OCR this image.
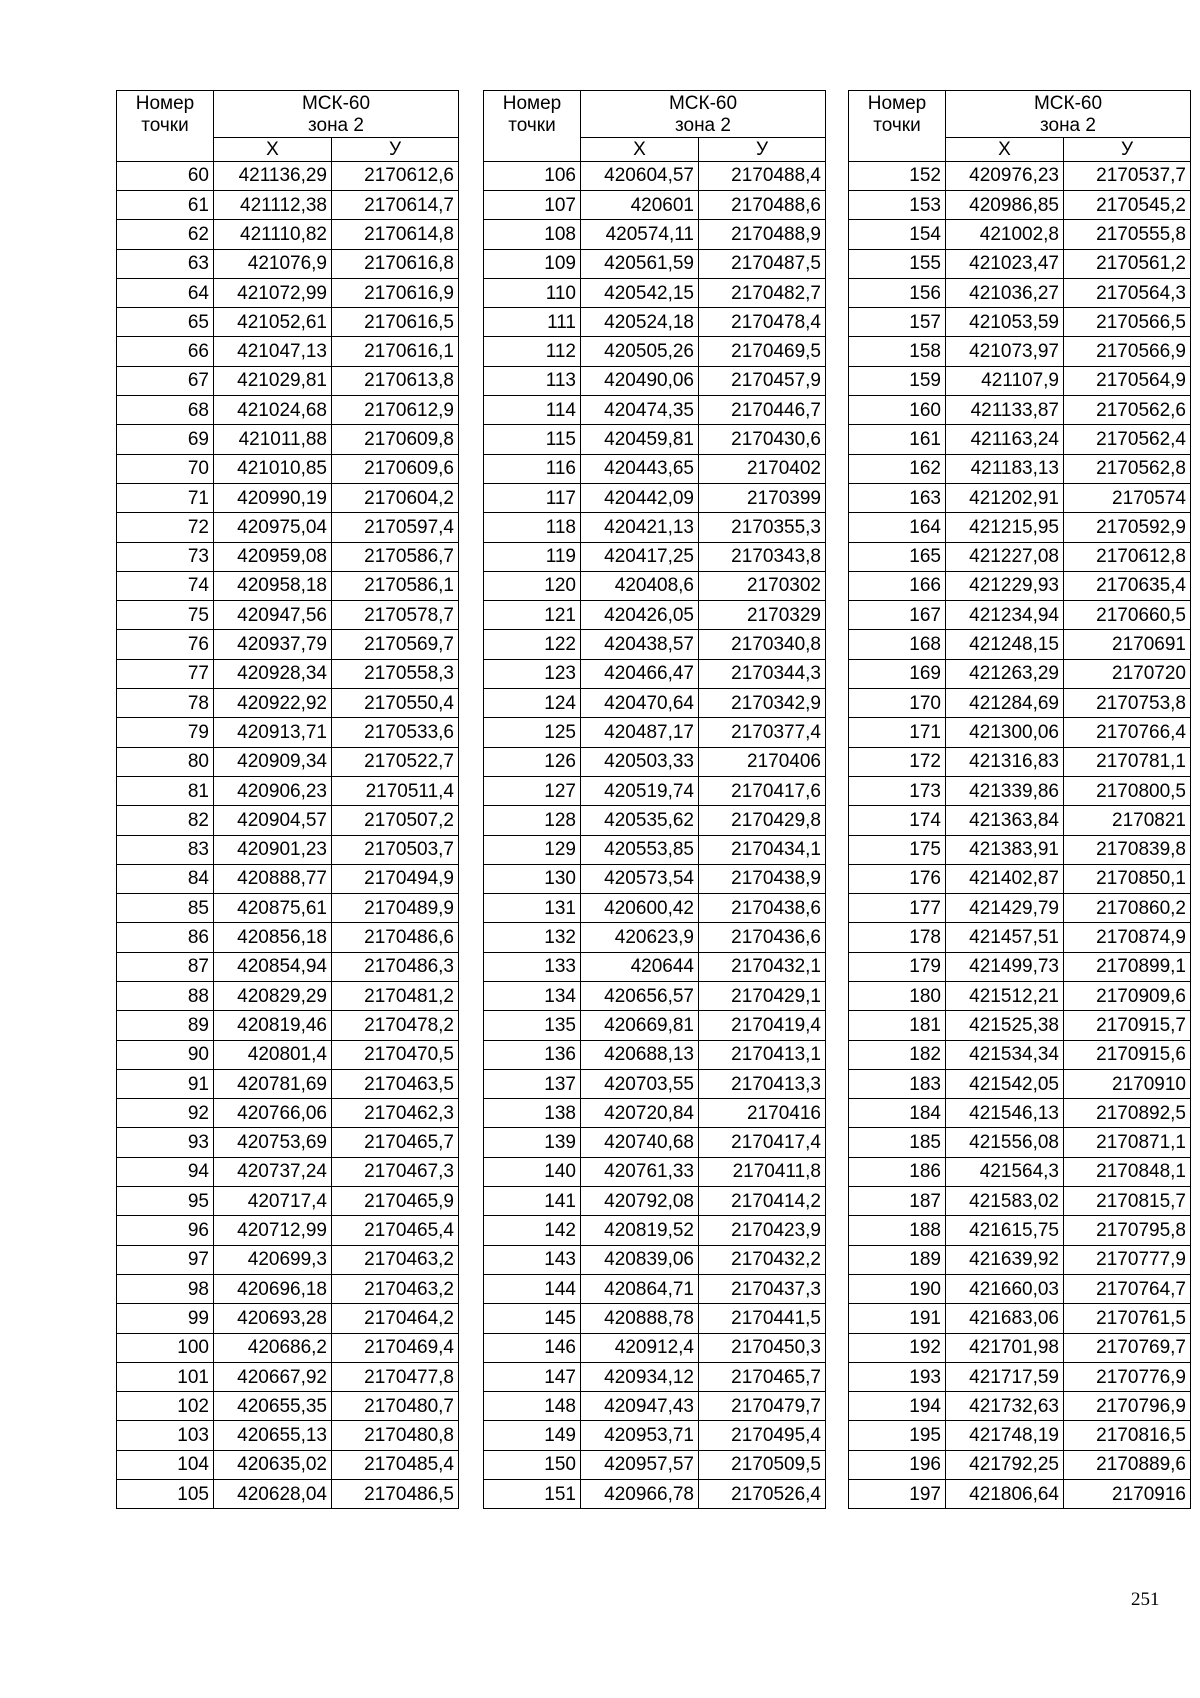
Номер точки	МСК-60
зона 2	

	Х	У
60	421136,29	2170612,6
61	421112,38	2170614,7
62	421110,82	2170614,8
63	421076,9	2170616,8
64	421072,99	2170616,9
65	421052,61	2170616,5
66	421047,13	2170616,1
67	421029,81	2170613,8
68	421024,68	2170612,9
69	421011,88	2170609,8
70	421010,85	2170609,6
71	420990,19	2170604,2
72	420975,04	2170597,4
73	420959,08	2170586,7
74	420958,18	2170586,1
75	420947,56	2170578,7
76	420937,79	2170569,7
77	420928,34	2170558,3
78	420922,92	2170550,4
79	420913,71	2170533,6
80	420909,34	2170522,7
81	420906,23	2170511,4
82	420904,57	2170507,2
83	420901,23	2170503,7
84	420888,77	2170494,9
85	420875,61	2170489,9
86	420856,18	2170486,6
87	420854,94	2170486,3
88	420829,29	2170481,2
89	420819,46	2170478,2
90	420801,4	2170470,5
91	420781,69	2170463,5
92	420766,06	2170462,3
93	420753,69	2170465,7
94	420737,24	2170467,3
95	420717,4	2170465,9
96	420712,99	2170465,4
97	420699,3	2170463,2
98	420696,18	2170463,2
99	420693,28	2170464,2
100	420686,2	2170469,4
101	420667,92	2170477,8
102	420655,35	2170480,7
103	420655,13	2170480,8
104	420635,02	2170485,4
105	420628,04	2170486,5
Номер точки	МСК-60
зона 2	

	Х	У
106	420604,57	2170488,4
107	420601	2170488,6
108	420574,11	2170488,9
109	420561,59	2170487,5
110	420542,15	2170482,7
111	420524,18	2170478,4
112	420505,26	2170469,5
113	420490,06	2170457,9
114	420474,35	2170446,7
115	420459,81	2170430,6
116	420443,65	2170402
117	420442,09	2170399
118	420421,13	2170355,3
119	420417,25	2170343,8
120	420408,6	2170302
121	420426,05	2170329
122	420438,57	2170340,8
123	420466,47	2170344,3
124	420470,64	2170342,9
125	420487,17	2170377,4
126	420503,33	2170406
127	420519,74	2170417,6
128	420535,62	2170429,8
129	420553,85	2170434,1
130	420573,54	2170438,9
131	420600,42	2170438,6
132	420623,9	2170436,6
133	420644	2170432,1
134	420656,57	2170429,1
135	420669,81	2170419,4
136	420688,13	2170413,1
137	420703,55	2170413,3
138	420720,84	2170416
139	420740,68	2170417,4
140	420761,33	2170411,8
141	420792,08	2170414,2
142	420819,52	2170423,9
143	420839,06	2170432,2
144	420864,71	2170437,3
145	420888,78	2170441,5
146	420912,4	2170450,3
147	420934,12	2170465,7
148	420947,43	2170479,7
149	420953,71	2170495,4
150	420957,57	2170509,5
151	420966,78	2170526,4
Номер точки	МСК-60
зона 2	

	Х	У
152	420976,23	2170537,7
153	420986,85	2170545,2
154	421002,8	2170555,8
155	421023,47	2170561,2
156	421036,27	2170564,3
157	421053,59	2170566,5
158	421073,97	2170566,9
159	421107,9	2170564,9
160	421133,87	2170562,6
161	421163,24	2170562,4
162	421183,13	2170562,8
163	421202,91	2170574
164	421215,95	2170592,9
165	421227,08	2170612,8
166	421229,93	2170635,4
167	421234,94	2170660,5
168	421248,15	2170691
169	421263,29	2170720
170	421284,69	2170753,8
171	421300,06	2170766,4
172	421316,83	2170781,1
173	421339,86	2170800,5
174	421363,84	2170821
175	421383,91	2170839,8
176	421402,87	2170850,1
177	421429,79	2170860,2
178	421457,51	2170874,9
179	421499,73	2170899,1
180	421512,21	2170909,6
181	421525,38	2170915,7
182	421534,34	2170915,6
183	421542,05	2170910
184	421546,13	2170892,5
185	421556,08	2170871,1
186	421564,3	2170848,1
187	421583,02	2170815,7
188	421615,75	2170795,8
189	421639,92	2170777,9
190	421660,03	2170764,7
191	421683,06	2170761,5
192	421701,98	2170769,7
193	421717,59	2170776,9
194	421732,63	2170796,9
195	421748,19	2170816,5
196	421792,25	2170889,6
197	421806,64	2170916
251
